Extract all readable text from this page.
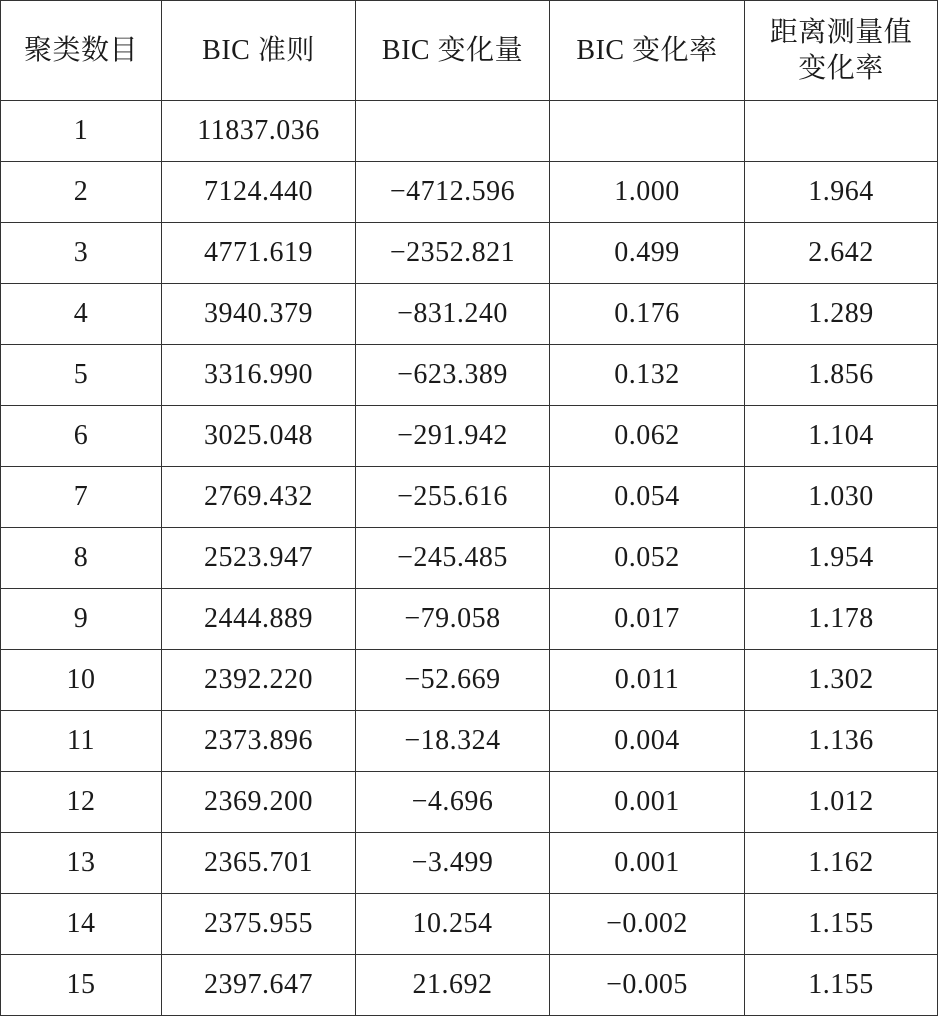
聚类数目	BIC 准则	BIC 变化量	BIC 变化率	距离测量值
变化率

1	11837.036			
2	7124.440	−4712.596	1.000	1.964
3	4771.619	−2352.821	0.499	2.642
4	3940.379	−831.240	0.176	1.289
5	3316.990	−623.389	0.132	1.856
6	3025.048	−291.942	0.062	1.104
7	2769.432	−255.616	0.054	1.030
8	2523.947	−245.485	0.052	1.954
9	2444.889	−79.058	0.017	1.178
10	2392.220	−52.669	0.011	1.302
11	2373.896	−18.324	0.004	1.136
12	2369.200	−4.696	0.001	1.012
13	2365.701	−3.499	0.001	1.162
14	2375.955	10.254	−0.002	1.155
15	2397.647	21.692	−0.005	1.155
